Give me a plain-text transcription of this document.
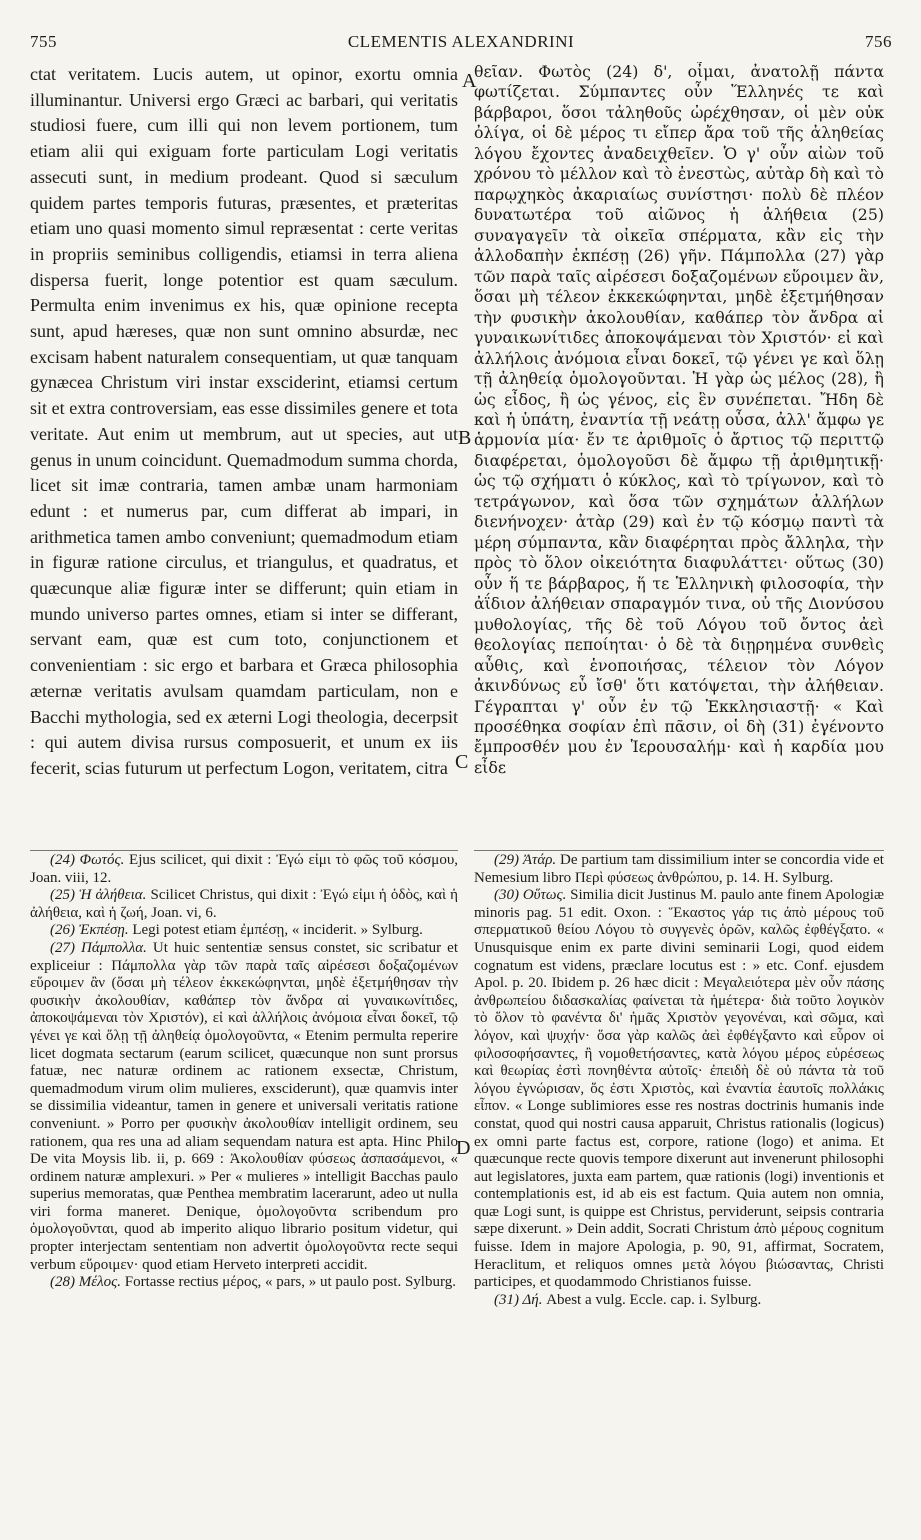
755	CLEMENTIS ALEXANDRINI	756

ctat veritatem. Lucis autem, ut opinor, exortu omnia illuminantur. Universi ergo Græci ac barbari, qui veritatis studiosi fuere, cum illi qui non levem portionem, tum etiam alii qui exiguam forte particulam Logi veritatis assecuti sunt, in medium prodeant. Quod si sæculum quidem partes temporis futuras, præsentes, et præteritas etiam uno quasi momento simul repræsentat : certe veritas in propriis seminibus colligendis, etiamsi in terra aliena dispersa fuerit, longe potentior est quam sæculum. Permulta enim invenimus ex his, quæ opinione recepta sunt, apud hæreses, quæ non sunt omnino absurdæ, nec excisam habent naturalem consequentiam, ut quæ tanquam gynæcea Christum viri instar exsciderint, etiamsi certum sit et extra controversiam, eas esse dissimiles genere et tota veritate. Aut enim ut membrum, aut ut species, aut ut genus in unum coincidunt. Quemadmodum summa chorda, licet sit imæ contraria, tamen ambæ unam harmoniam edunt : et numerus par, cum differat ab impari, in arithmetica tamen ambo conveniunt; quemadmodum etiam in figuræ ratione circulus, et triangulus, et quadratus, et quæcunque aliæ figuræ inter se differunt; quin etiam in mundo universo partes omnes, etiam si inter se differant, servant eam, quæ est cum toto, conjunctionem et convenientiam : sic ergo et barbara et Græca philosophia æternæ veritatis avulsam quamdam particulam, non e Bacchi mythologia, sed ex æterni Logi theologia, decerpsit : qui autem divisa rursus composuerit, et unum ex iis fecerit, scias futurum ut perfectum Logon, veritatem, citra

θεῖαν. Φωτὸς (24) δ', οἶμαι, ἀνατολῇ πάντα φωτίζεται. Σύμπαντες οὖν Ἕλληνές τε καὶ βάρβαροι, ὅσοι τἀληθοῦς ὠρέχθησαν, οἱ μὲν οὐκ ὀλίγα, οἱ δὲ μέρος τι εἴπερ ἄρα τοῦ τῆς ἀληθείας λόγου ἔχοντες ἀναδειχθεῖεν. Ὁ γ' οὖν αἰὼν τοῦ χρόνου τὸ μέλλον καὶ τὸ ἐνεστὼς, αὐτὰρ δὴ καὶ τὸ παρῳχηκὸς ἀκαριαίως συνίστησι· πολὺ δὲ πλέον δυνατωτέρα τοῦ αἰῶνος ἡ ἀλήθεια (25) συναγαγεῖν τὰ οἰκεῖα σπέρματα, κἂν εἰς τὴν ἀλλοδαπὴν ἐκπέσῃ (26) γῆν. Πάμπολλα (27) γὰρ τῶν παρὰ ταῖς αἱρέσεσι δοξαζομένων εὕροιμεν ἂν, ὅσαι μὴ τέλεον ἐκκεκώφηνται, μηδὲ ἐξετμήθησαν τὴν φυσικὴν ἀκολουθίαν, καθάπερ τὸν ἄνδρα αἱ γυναικωνίτιδες ἀποκοψάμεναι τὸν Χριστόν· εἰ καὶ ἀλλήλοις ἀνόμοια εἶναι δοκεῖ, τῷ γένει γε καὶ ὅλῃ τῇ ἀληθείᾳ ὁμολογοῦνται. Ἡ γὰρ ὡς μέλος (28), ἢ ὡς εἶδος, ἢ ὡς γένος, εἰς ἓν συνέπεται. Ἤδη δὲ καὶ ἡ ὑπάτη, ἐναντία τῇ νεάτῃ οὖσα, ἀλλ' ἄμφω γε ἁρμονία μία· ἔν τε ἀριθμοῖς ὁ ἄρτιος τῷ περιττῷ διαφέρεται, ὁμολογοῦσι δὲ ἄμφω τῇ ἀριθμητικῇ· ὡς τῷ σχήματι ὁ κύκλος, καὶ τὸ τρίγωνον, καὶ τὸ τετράγωνον, καὶ ὅσα τῶν σχημάτων ἀλλήλων διενήνοχεν· ἀτὰρ (29) καὶ ἐν τῷ κόσμῳ παντὶ τὰ μέρη σύμπαντα, κἂν διαφέρηται πρὸς ἄλληλα, τὴν πρὸς τὸ ὅλον οἰκειότητα διαφυλάττει· οὕτως (30) οὖν ἥ τε βάρβαρος, ἥ τε Ἑλληνικὴ φιλοσοφία, τὴν ἀΐδιον ἀλήθειαν σπαραγμόν τινα, οὐ τῆς Διονύσου μυθολογίας, τῆς δὲ τοῦ Λόγου τοῦ ὄντος ἀεὶ θεολογίας πεποίηται· ὁ δὲ τὰ διῃρημένα συνθεὶς αὖθις, καὶ ἑνοποιήσας, τέλειον τὸν Λόγον ἀκινδύνως εὖ ἴσθ' ὅτι κατόψεται, τὴν ἀλήθειαν. Γέγραπται γ' οὖν ἐν τῷ Ἐκκλησιαστῇ· « Καὶ προσέθηκα σοφίαν ἐπὶ πᾶσιν, οἱ δὴ (31) ἐγένοντο ἔμπροσθέν μου ἐν Ἱερουσαλήμ· καὶ ἡ καρδία μου εἶδε

A
B
C
D

(24) Φωτός. Ejus scilicet, qui dixit : Ἐγώ εἰμι τὸ φῶς τοῦ κόσμου, Joan. viii, 12.

(25) Ἡ ἀλήθεια. Scilicet Christus, qui dixit : Ἐγώ εἰμι ἡ ὁδὸς, καὶ ἡ ἀλήθεια, καὶ ἡ ζωή, Joan. vi, 6.

(26) Ἐκπέσῃ. Legi potest etiam ἐμπέσῃ, « inciderit. » Sylburg.

(27) Πάμπολλα. Ut huic sententiæ sensus constet, sic scribatur et expliceiur : Πάμπολλα γὰρ τῶν παρὰ ταῖς αἱρέσεσι δοξαζομένων εὕροιμεν ἂν (ὅσαι μὴ τέλεον ἐκκεκώφηνται, μηδὲ ἐξετμήθησαν τὴν φυσικὴν ἀκολουθίαν, καθάπερ τὸν ἄνδρα αἱ γυναικωνίτιδες, ἀποκοψάμεναι τὸν Χριστόν), εἰ καὶ ἀλλήλοις ἀνόμοια εἶναι δοκεῖ, τῷ γένει γε καὶ ὅλῃ τῇ ἀληθείᾳ ὁμολογοῦντα, « Etenim permulta reperire licet dogmata sectarum (earum scilicet, quæcunque non sunt prorsus fatuæ, nec naturæ ordinem ac rationem exsectæ, Christum, quemadmodum virum olim mulieres, exsciderunt), quæ quamvis inter se dissimilia videantur, tamen in genere et universali veritatis ratione conveniunt. » Porro per φυσικὴν ἀκολουθίαν intelligit ordinem, seu rationem, qua res una ad aliam sequendam natura est apta. Hinc Philo De vita Moysis lib. ii, p. 669 : Ἀκολουθίαν φύσεως ἀσπασάμενοι, « ordinem naturæ amplexuri. » Per « mulieres » intelligit Bacchas paulo superius memoratas, quæ Penthea membratim lacerarunt, adeo ut nulla viri forma maneret. Denique, ὁμολογοῦντα scribendum pro ὁμολογοῦνται, quod ab imperito aliquo librario positum videtur, qui propter interjectam sententiam non advertit ὁμολογοῦντα recte sequi verbum εὕροιμεν· quod etiam Herveto interpreti accidit.

(28) Μέλος. Fortasse rectius μέρος, « pars, » ut paulo post. Sylburg.

(29) Ἀτάρ. De partium tam dissimilium inter se concordia vide et Nemesium libro Περὶ φύσεως ἀνθρώπου, p. 14. H. Sylburg.

(30) Οὕτως. Similia dicit Justinus M. paulo ante finem Apologiæ minoris pag. 51 edit. Oxon. : Ἕκαστος γάρ τις ἀπὸ μέρους τοῦ σπερματικοῦ θείου Λόγου τὸ συγγενὲς ὁρῶν, καλῶς ἐφθέγξατο. « Unusquisque enim ex parte divini seminarii Logi, quod eidem cognatum est videns, præclare locutus est : » etc. Conf. ejusdem Apol. p. 20. Ibidem p. 26 hæc dicit : Μεγαλειότερα μὲν οὖν πάσης ἀνθρωπείου διδασκαλίας φαίνεται τὰ ἡμέτερα· διὰ τοῦτο λογικὸν τὸ ὅλον τὸ φανέντα δι' ἡμᾶς Χριστὸν γεγονέναι, καὶ σῶμα, καὶ λόγον, καὶ ψυχήν· ὅσα γὰρ καλῶς ἀεὶ ἐφθέγξαντο καὶ εὗρον οἱ φιλοσοφήσαντες, ἢ νομοθετήσαντες, κατὰ λόγου μέρος εὑρέσεως καὶ θεωρίας ἐστὶ πονηθέντα αὐτοῖς· ἐπειδὴ δὲ οὐ πάντα τὰ τοῦ λόγου ἐγνώρισαν, ὅς ἐστι Χριστὸς, καὶ ἐναντία ἑαυτοῖς πολλάκις εἶπον. « Longe sublimiores esse res nostras doctrinis humanis inde constat, quod qui nostri causa apparuit, Christus rationalis (logicus) ex omni parte factus est, corpore, ratione (logo) et anima. Et quæcunque recte quovis tempore dixerunt aut invenerunt philosophi aut legislatores, juxta eam partem, quæ rationis (logi) inventionis et contemplationis est, id ab eis est factum. Quia autem non omnia, quæ Logi sunt, is quippe est Christus, perviderunt, seipsis contraria sæpe dixerunt. » Dein addit, Socrati Christum ἀπὸ μέρους cognitum fuisse. Idem in majore Apologia, p. 90, 91, affirmat, Socratem, Heraclitum, et reliquos omnes μετὰ λόγου βιώσαντας, Christi participes, et quodammodo Christianos fuisse.

(31) Δή. Abest a vulg. Eccle. cap. i. Sylburg.
